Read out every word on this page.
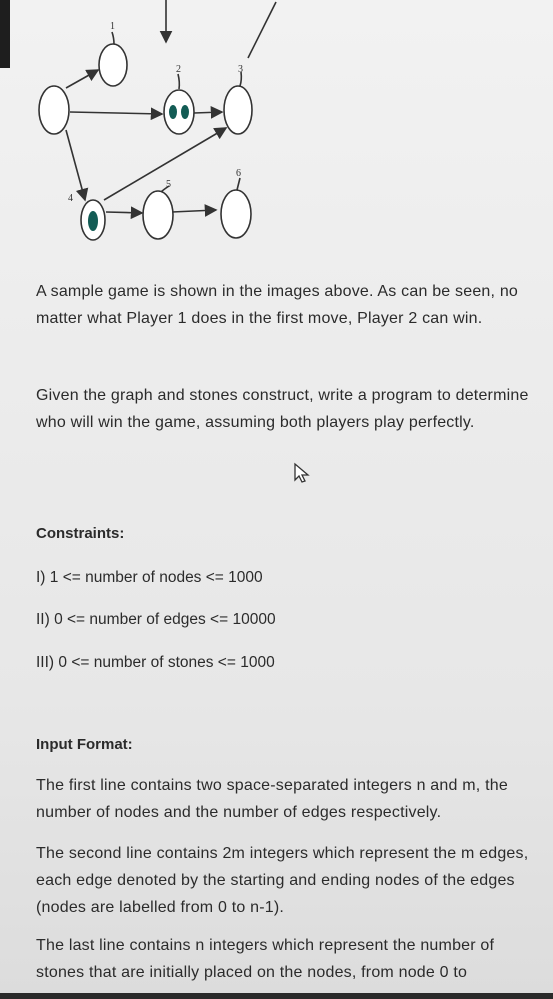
1
2	3
4
5
6
A sample game is shown in the images above. As can be seen, no matter what Player 1 does in the first move, Player 2 can win.
Given the graph and stones construct, write a program to determine who will win the game, assuming both players play perfectly.
Constraints:
I) 1 <= number of nodes <= 1000
II) 0 <= number of edges <= 10000
III) 0 <= number of stones <= 1000
Input Format:
The first line contains two space-separated integers n and m, the number of nodes and the number of edges respectively.
The second line contains 2m integers which represent the m edges, each edge denoted by the starting and ending nodes of the edges (nodes are labelled from 0 to n-1).
The last line contains n integers which represent the number of stones that are initially placed on the nodes, from node 0 to
